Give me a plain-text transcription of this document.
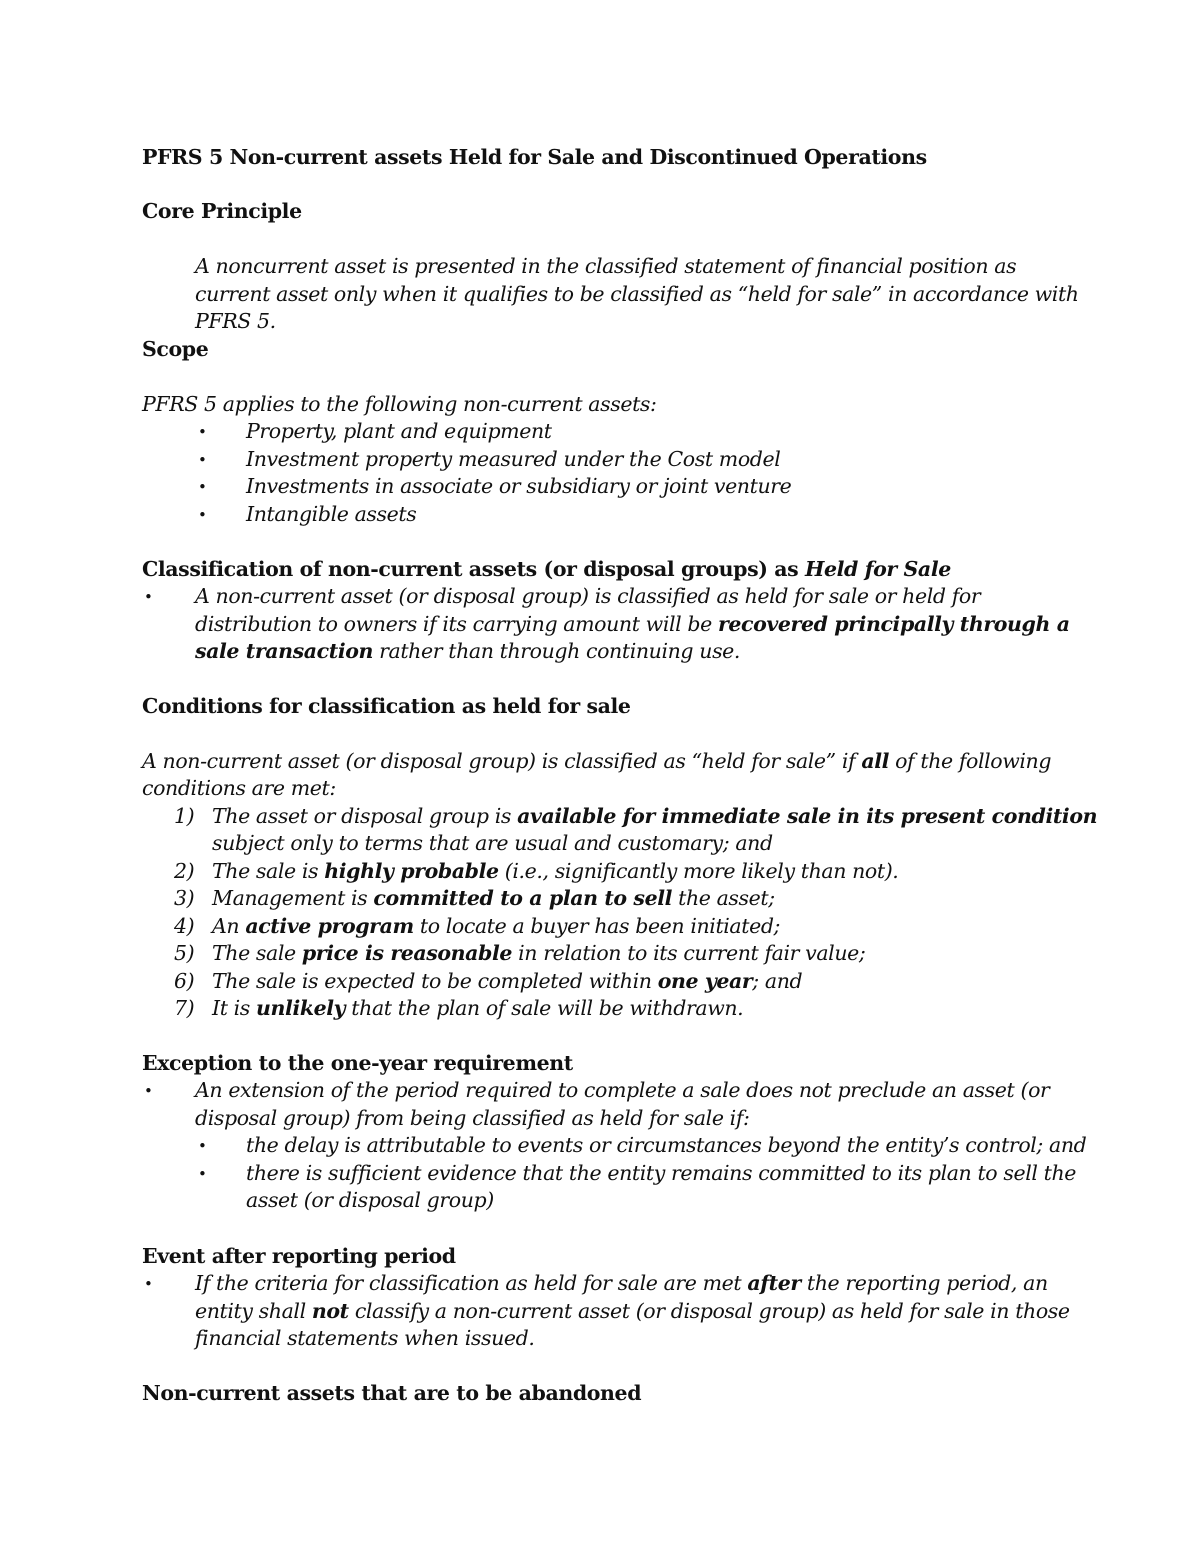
PFRS 5 Non-current assets Held for Sale and Discontinued Operations
Core Principle
A noncurrent asset is presented in the classified statement of financial position as
current asset only when it qualifies to be classified as “held for sale” in accordance with
PFRS 5.
Scope
PFRS 5 applies to the following non-current assets:
• Property, plant and equipment
• Investment property measured under the Cost model
• Investments in associate or subsidiary or joint venture
• Intangible assets
Classification of non-current assets (or disposal groups) as Held for Sale
• A non-current asset (or disposal group) is classified as held for sale or held for
distribution to owners if its carrying amount will be recovered principally through a
sale transaction rather than through continuing use.
Conditions for classification as held for sale
A non-current asset (or disposal group) is classified as “held for sale” if all of the following
conditions are met:
1) The asset or disposal group is available for immediate sale in its present condition
subject only to terms that are usual and customary; and
2) The sale is highly probable (i.e., significantly more likely than not).
3) Management is committed to a plan to sell the asset;
4) An active program to locate a buyer has been initiated;
5) The sale price is reasonable in relation to its current fair value;
6) The sale is expected to be completed within one year; and
7) It is unlikely that the plan of sale will be withdrawn.
Exception to the one-year requirement
• An extension of the period required to complete a sale does not preclude an asset (or
disposal group) from being classified as held for sale if:
• the delay is attributable to events or circumstances beyond the entity’s control; and
• there is sufficient evidence that the entity remains committed to its plan to sell the
asset (or disposal group)
Event after reporting period
• If the criteria for classification as held for sale are met after the reporting period, an
entity shall not classify a non-current asset (or disposal group) as held for sale in those
financial statements when issued.
Non-current assets that are to be abandoned
